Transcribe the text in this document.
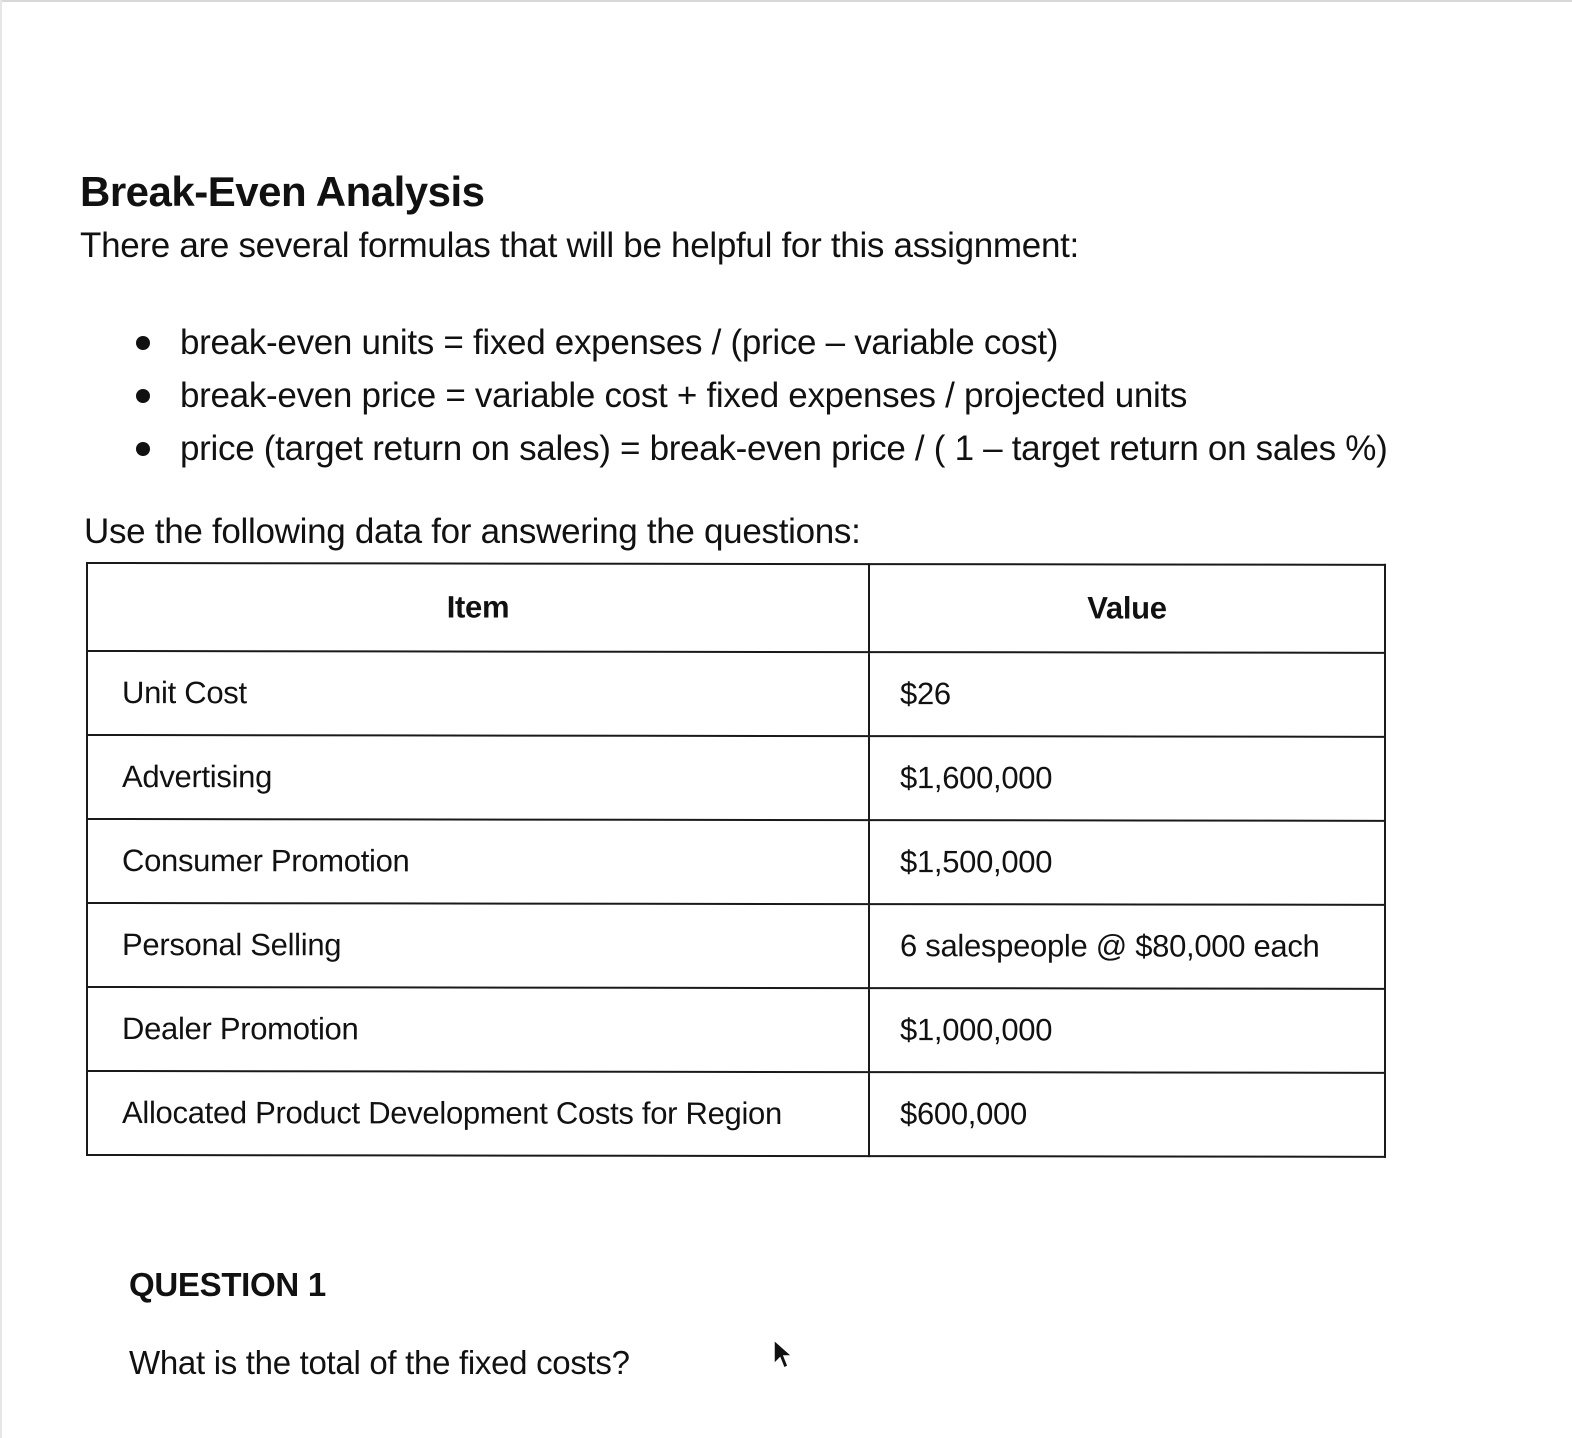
Break-Even Analysis

There are several formulas that will be helpful for this assignment:

break-even units = fixed expenses / (price – variable cost)
break-even price = variable cost + fixed expenses / projected units
price (target return on sales) = break-even price / ( 1 – target return on sales %)

Use the following data for answering the questions:

Item	Value
Unit Cost	$26
Advertising	$1,600,000
Consumer Promotion	$1,500,000
Personal Selling	6 salespeople @ $80,000 each
Dealer Promotion	$1,000,000
Allocated Product Development Costs for Region	$600,000
QUESTION 1

What is the total of the fixed costs?
